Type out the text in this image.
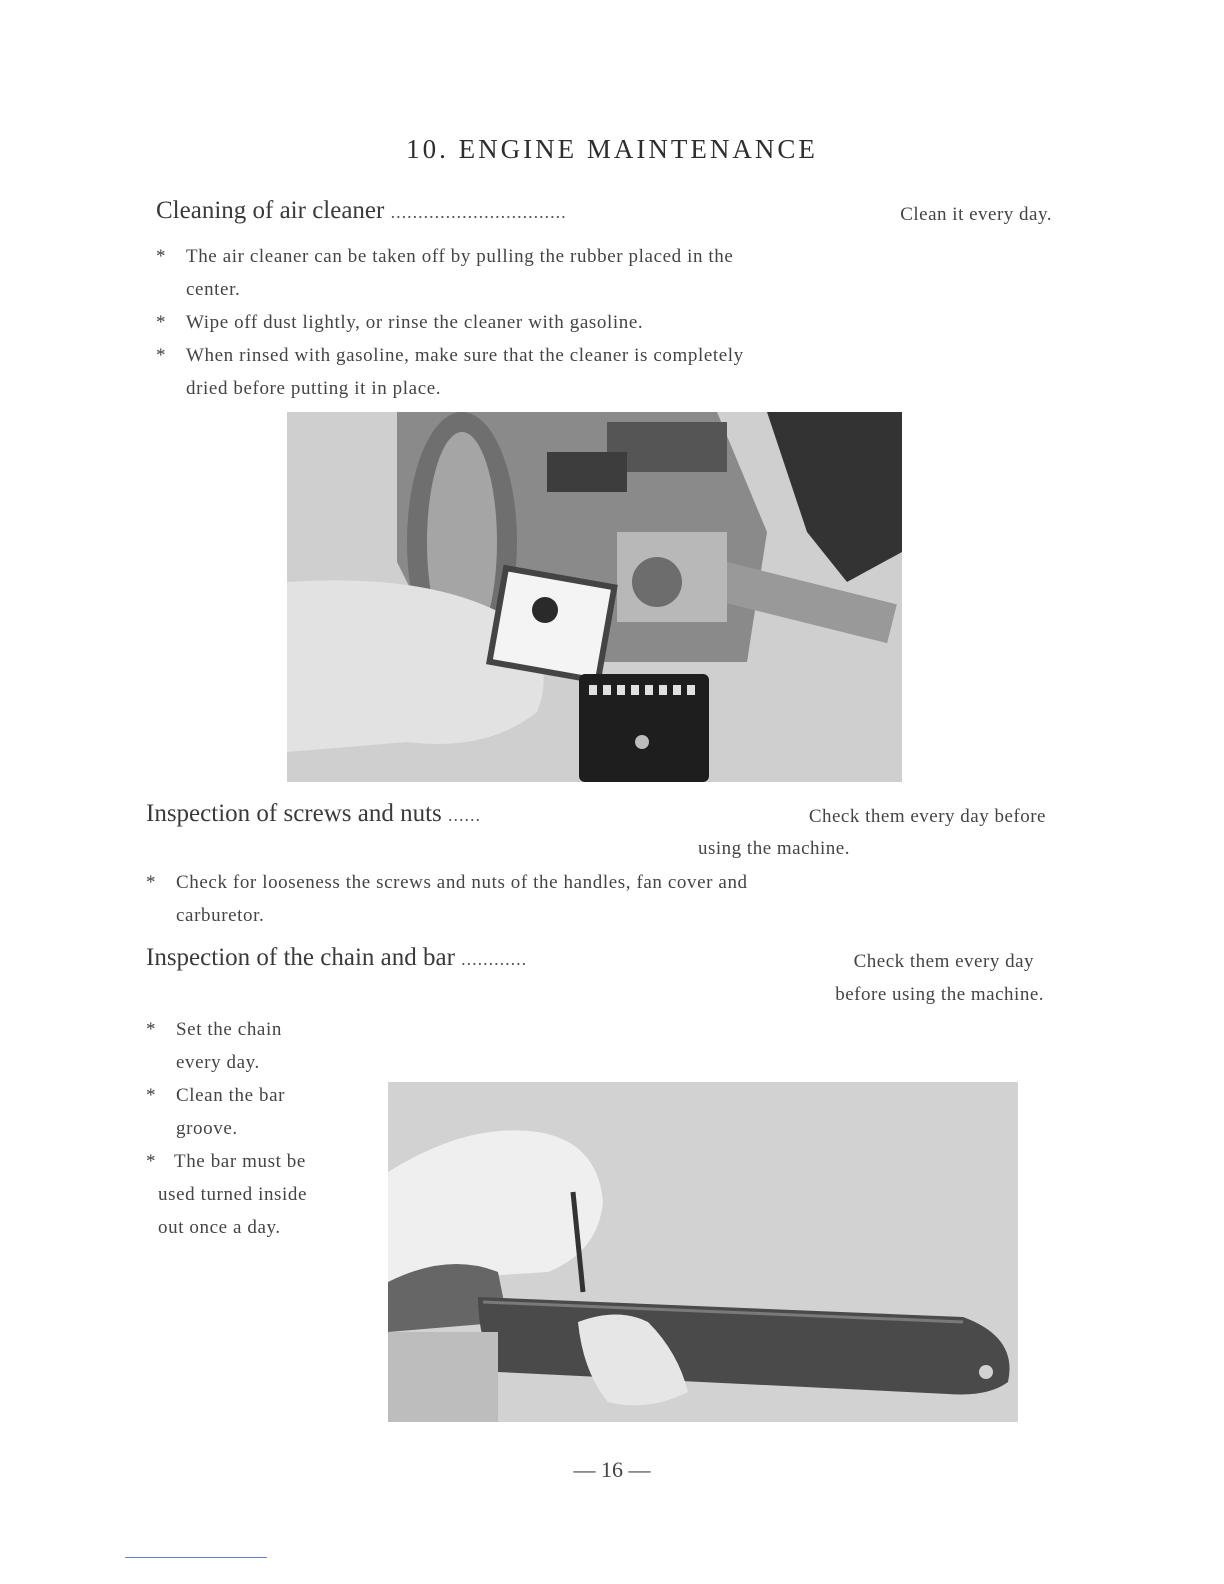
10. ENGINE MAINTENANCE
Cleaning of air cleaner ................................	Clean it every day.
* The air cleaner can be taken off by pulling the rubber placed in the
center.
* Wipe off dust lightly, or rinse the cleaner with gasoline.
* When rinsed with gasoline, make sure that the cleaner is completely
dried before putting it in place.
Inspection of screws and nuts ......	Check them every day before
using the machine.
* Check for looseness the screws and nuts of the handles, fan cover and
carburetor.
Inspection of the chain and bar ............	Check them every day
before using the machine.
* Set the chain
every day.
* Clean the bar
groove.
* The bar must be
used turned inside
out once a day.
— 16 —
